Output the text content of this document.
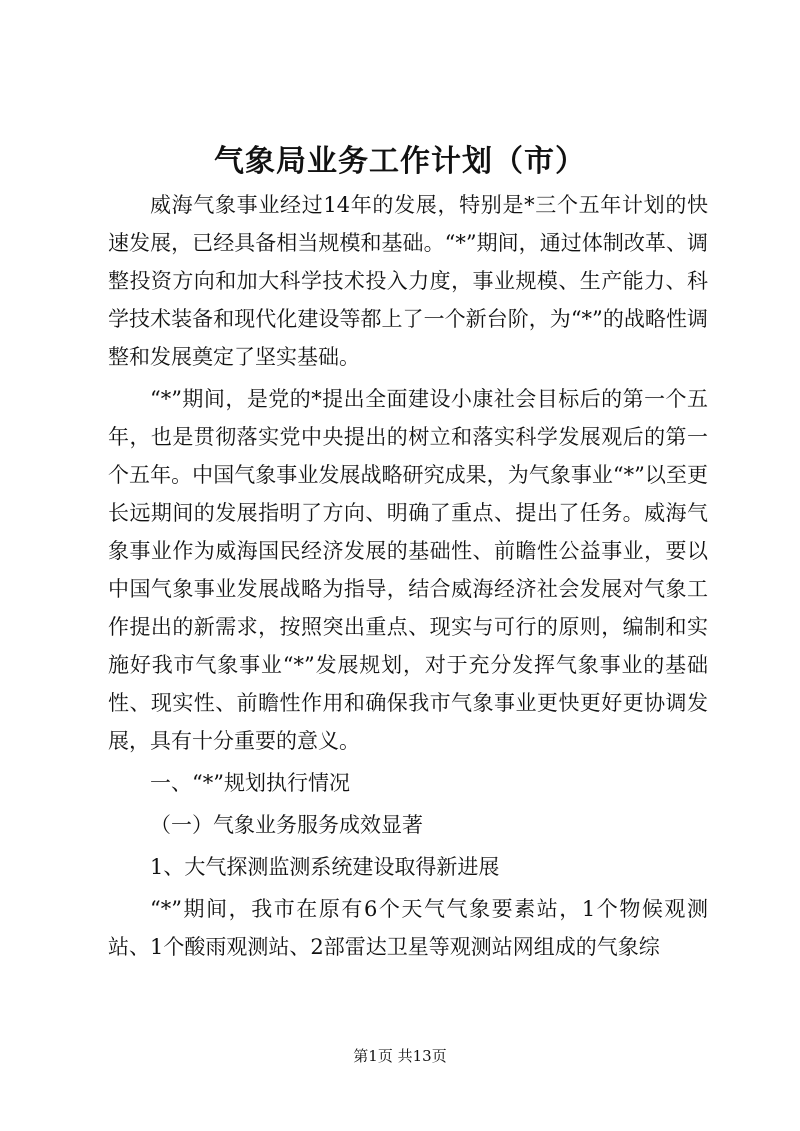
气象局业务工作计划（市）

威海气象事业经过14年的发展，特别是*三个五年计划的快速发展，已经具备相当规模和基础。“*”期间，通过体制改革、调整投资方向和加大科学技术投入力度，事业规模、生产能力、科学技术装备和现代化建设等都上了一个新台阶，为“*”的战略性调整和发展奠定了坚实基础。

“*”期间，是党的*提出全面建设小康社会目标后的第一个五年，也是贯彻落实党中央提出的树立和落实科学发展观后的第一个五年。中国气象事业发展战略研究成果，为气象事业“*”以至更长远期间的发展指明了方向、明确了重点、提出了任务。威海气象事业作为威海国民经济发展的基础性、前瞻性公益事业，要以中国气象事业发展战略为指导，结合威海经济社会发展对气象工作提出的新需求，按照突出重点、现实与可行的原则，编制和实施好我市气象事业“*”发展规划，对于充分发挥气象事业的基础性、现实性、前瞻性作用和确保我市气象事业更快更好更协调发展，具有十分重要的意义。

一、“*”规划执行情况

（一）气象业务服务成效显著

1、大气探测监测系统建设取得新进展

“*”期间，我市在原有6个天气气象要素站，1个物候观测站、1个酸雨观测站、2部雷达卫星等观测站网组成的气象综

第1页 共13页
